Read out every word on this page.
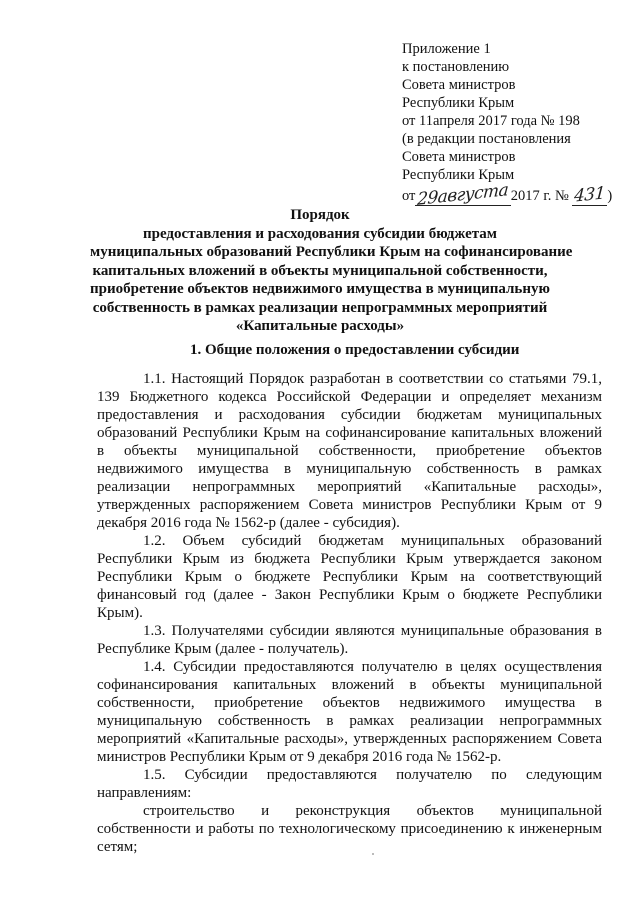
Приложение 1
к постановлению
Совета министров
Республики Крым
от 11апреля 2017 года № 198
(в редакции постановления
Совета министров
Республики Крым
от29августа 2017 г. № 431)
Порядок
предоставления и расходования субсидии бюджетам
муниципальных образований Республики Крым на софинансирование
капитальных вложений в объекты муниципальной собственности,
приобретение объектов недвижимого имущества в муниципальную
собственность в рамках реализации непрограммных мероприятий
«Капитальные расходы»
1. Общие положения о предоставлении субсидии

1.1. Настоящий Порядок разработан в соответствии со статьями 79.1, 139 Бюджетного кодекса Российской Федерации и определяет механизм предоставления и расходования субсидии бюджетам муниципальных образований Республики Крым на софинансирование капитальных вложений в объекты муниципальной собственности, приобретение объектов недвижимого имущества в муниципальную собственность в рамках реализации непрограммных мероприятий «Капитальные расходы», утвержденных распоряжением Совета министров Республики Крым от 9 декабря 2016 года № 1562-р (далее - субсидия).

1.2. Объем субсидий бюджетам муниципальных образований Республики Крым из бюджета Республики Крым утверждается законом Республики Крым о бюджете Республики Крым на соответствующий финансовый год (далее - Закон Республики Крым о бюджете Республики Крым).

1.3. Получателями субсидии являются муниципальные образования в Республике Крым (далее - получатель).

1.4. Субсидии предоставляются получателю в целях осуществления софинансирования капитальных вложений в объекты муниципальной собственности, приобретение объектов недвижимого имущества в муниципальную собственность в рамках реализации непрограммных мероприятий «Капитальные расходы», утвержденных распоряжением Совета министров Республики Крым от 9 декабря 2016 года № 1562-р.

1.5. Субсидии предоставляются получателю по следующим направлениям:

строительство и реконструкция объектов муниципальной собственности и работы по технологическому присоединению к инженерным сетям;
